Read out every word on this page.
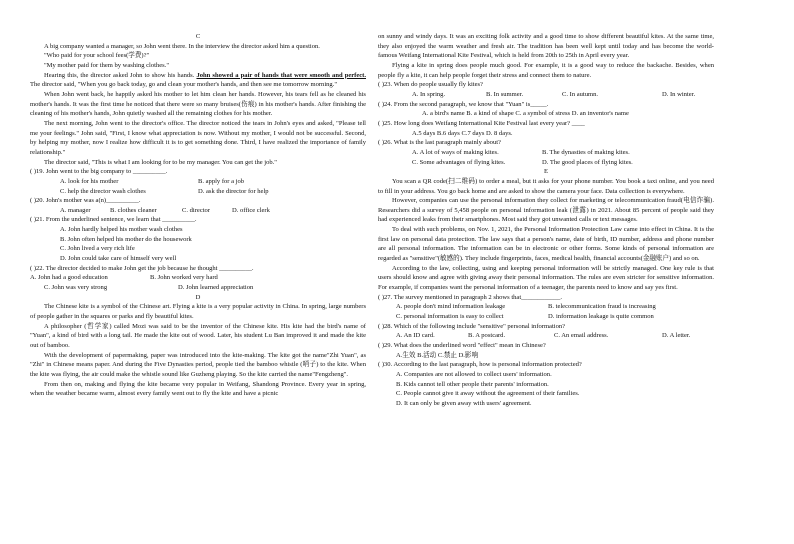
C

A big company wanted a manager, so John went there. In the interview the director asked him a question.

"Who paid for your school fees(学费)?"

"My mother paid for them by washing clothes."

Hearing this, the director asked John to show his hands. John showed a pair of hands that were smooth and perfect. The director said, "When you go back today, go and clean your mother's hands, and then see me tomorrow morning."

When John went back, he happily asked his mother to let him clean her hands. However, his tears fell as he cleaned his mother's hands. It was the first time he noticed that there were so many bruises(伤痕) in his mother's hands. After finishing the cleaning of his mother's hands, John quietly washed all the remaining clothes for his mother.

The next morning, John went to the director's office. The director noticed the tears in John's eyes and asked, "Please tell me your feelings." John said, "First, I know what appreciation is now. Without my mother, I would not be successful. Second, by helping my mother, now I realize how difficult it is to get something done. Third, I have realized the importance of family relationship."

The director said, "This is what I am looking for to be my manager. You can get the job."

( )19. John went to the big company to __________.

A. look for his mother	B. apply for a job
C. help the director wash clothes	D. ask the director for help

( )20. John's mother was a(n)__________.

A. manager	B. clothes cleaner	C. director	D. office clerk

( )21. From the underlined sentence, we learn that __________.

A. John hardly helped his mother wash clothes

B. John often helped his mother do the housework

C. John lived a very rich life

D. John could take care of himself very well

( )22. The director decided to make John get the job because he thought __________.

A. John had a good education	B. John worked very hard
C. John was very strong	D. John learned appreciation

D

The Chinese kite is a symbol of the Chinese art. Flying a kite is a very popular activity in China. In spring, large numbers of people gather in the squares or parks and fly beautiful kites.

A philosopher (哲学家) called Mozi was said to be the inventor of the Chinese kite. His kite had the bird's name of "Yuan", a kind of bird with a long tail. He made the kite out of wood. Later, his student Lu Ban improved it and made the kite out of bamboo.

With the development of papermaking, paper was introduced into the kite-making. The kite got the name"Zhi Yuan", as "Zhi" in Chinese means paper. And during the Five Dynasties period, people tied the bamboo whistle (哨子) to the kite. When the kite was flying, the air could make the whistle sound like Guzheng playing. So the kite carried the name"Fengzheng".

From then on, making and flying the kite became very popular in Weifang, Shandong Province. Every year in spring, when the weather became warm, almost every family went out to fly the kite and have a picnic

on sunny and windy days. It was an exciting folk activity and a good time to show different beautiful kites. At the same time, they also enjoyed the warm weather and fresh air. The tradition has been well kept until today and has become the world-famous Weifang International Kite Festival, which is held from 20th to 25th in April every year.

Flying a kite in spring does people much good. For example, it is a good way to reduce the backache. Besides, when people fly a kite, it can help people forget their stress and connect them to nature.

( )23. When do people usually fly kites?

A. In spring.	B. In summer.	C. In autumn.	D. In winter.

( )24. From the second paragraph, we know that "Yuan" is_____.

A. a bird's name B. a kind of shape C. a symbol of stress D. an inventor's name

( )25. How long does Weifang International Kite Festival last every year? ____

A.5 days B.6 days C.7 days D. 8 days.

( )26. What is the last paragraph mainly about?

A. A lot of ways of making kites.	B. The dynasties of making kites.
C. Some advantages of flying kites.	D. The good places of flying kites.

E

You scan a QR code(扫二维码) to order a meal, but it asks for your phone number. You book a taxi online, and you need to fill in your address. You go back home and are asked to show the camera your face. Data collection is everywhere.

However, companies can use the personal information they collect for marketing or telecommunication fraud(电信诈骗). Researchers did a survey of 5,458 people on personal information leak (泄露) in 2021. About 85 percent of people said they had experienced leaks from their smartphones. Most said they got unwanted calls or text messages.

To deal with such problems, on Nov. 1, 2021, the Personal Information Protection Law came into effect in China. It is the first law on personal data protection. The law says that a person's name, date of birth, ID number, address and phone number are all personal information. The information can be in electronic or other forms. Some kinds of personal information are regarded as "sensitive"(敏感的). They include fingerprints, faces, medical health, financial accounts(金融账户) and so on.

According to the law, collecting, using and keeping personal information will be strictly managed. One key rule is that users should know and agree with giving away their personal information. The rules are even stricter for sensitive information. For example, if companies want the personal information of a teenager, the parents need to know and say yes first.

( )27. The survey mentioned in paragraph 2 shows that____________.

A. people don't mind information leakage	B. telecommunication fraud is increasing
C. personal information is easy to collect	D. information leakage is quite common

( )28. Which of the following include "sensitive" personal information?

A. An ID card.	B. A postcard.	C. An email address.	D. A letter.

( )29. What does the underlined word "effect" mean in Chinese?

A.生效 B.活动 C.禁止 D.影响

( )30. According to the last paragraph, how is personal information protected?

A. Companies are not allowed to collect users' information.

B. Kids cannot tell other people their parents' information.

C. People cannot give it away without the agreement of their families.

D. It can only be given away with users' agreement.
